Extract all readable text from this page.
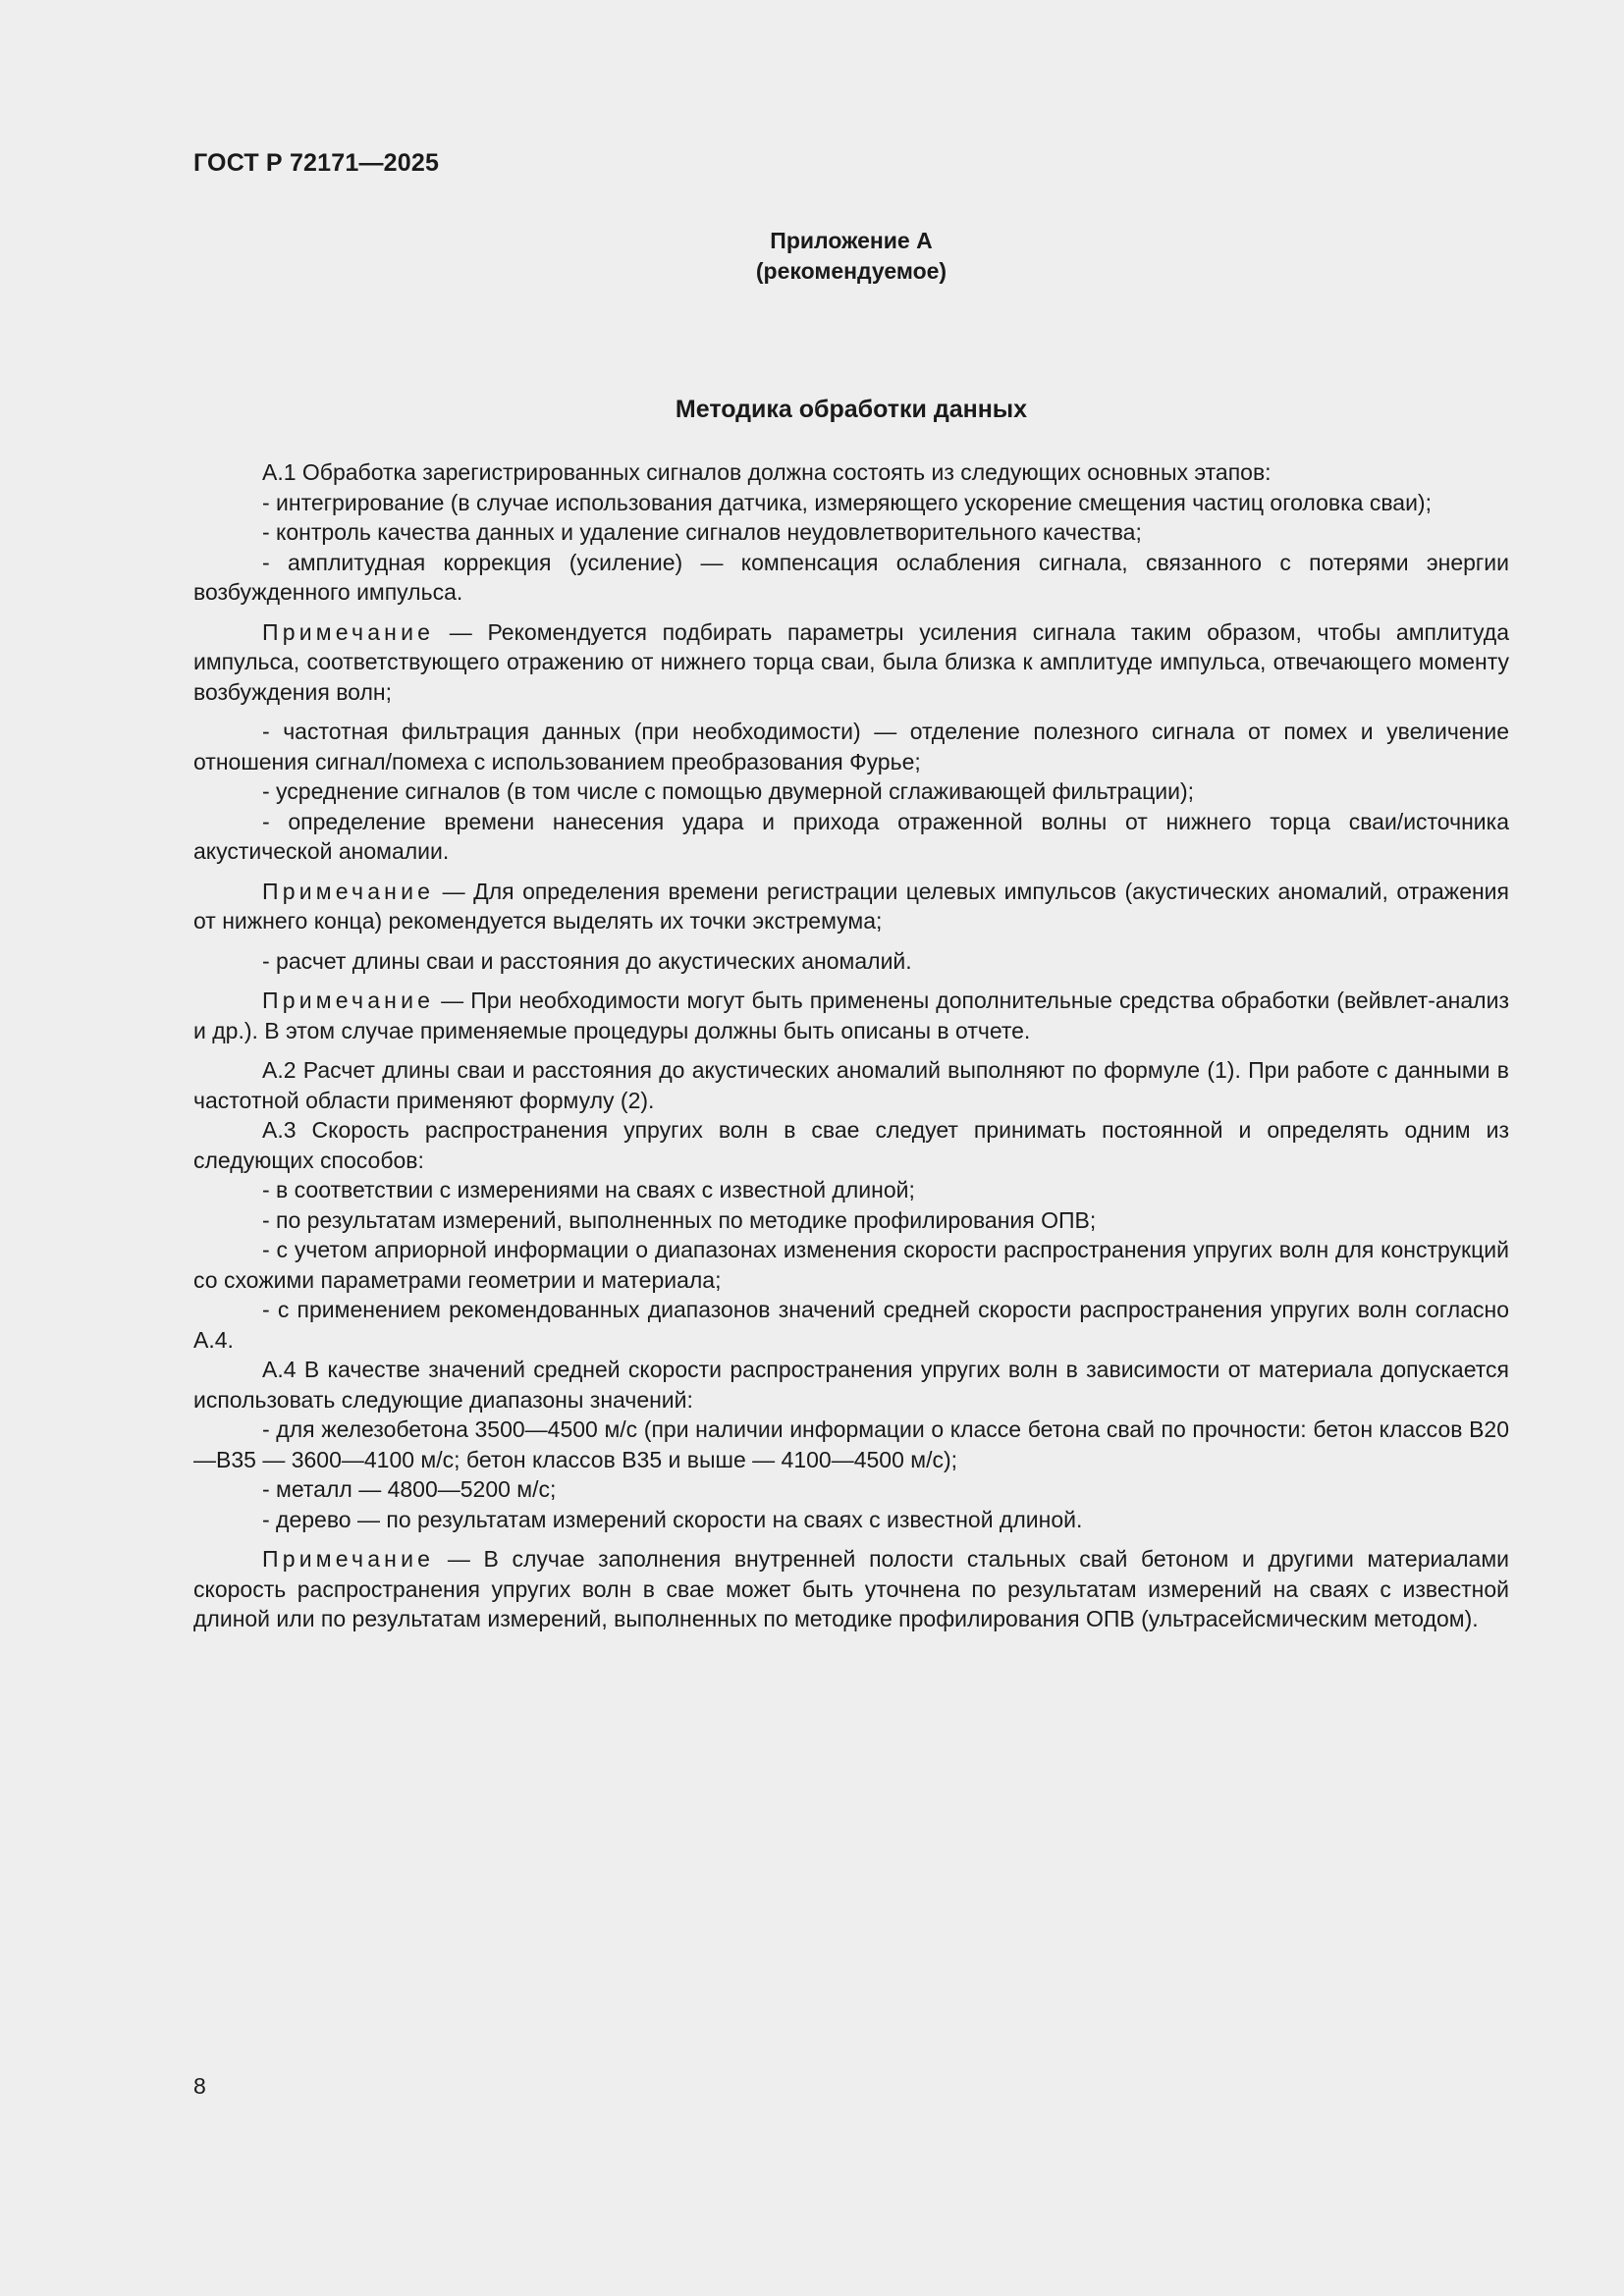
ГОСТ Р 72171—2025
Приложение А
(рекомендуемое)
Методика обработки данных

А.1 Обработка зарегистрированных сигналов должна состоять из следующих основных этапов:

- интегрирование (в случае использования датчика, измеряющего ускорение смещения частиц оголовка сваи);

- контроль качества данных и удаление сигналов неудовлетворительного качества;

- амплитудная коррекция (усиление) — компенсация ослабления сигнала, связанного с потерями энергии возбужденного импульса.

Примечание — Рекомендуется подбирать параметры усиления сигнала таким образом, чтобы амплитуда импульса, соответствующего отражению от нижнего торца сваи, была близка к амплитуде импульса, отвечающего моменту возбуждения волн;

- частотная фильтрация данных (при необходимости) — отделение полезного сигнала от помех и увеличение отношения сигнал/помеха с использованием преобразования Фурье;

- усреднение сигналов (в том числе с помощью двумерной сглаживающей фильтрации);

- определение времени нанесения удара и прихода отраженной волны от нижнего торца сваи/источника акустической аномалии.

Примечание — Для определения времени регистрации целевых импульсов (акустических аномалий, отражения от нижнего конца) рекомендуется выделять их точки экстремума;

- расчет длины сваи и расстояния до акустических аномалий.

Примечание — При необходимости могут быть применены дополнительные средства обработки (вейвлет-анализ и др.). В этом случае применяемые процедуры должны быть описаны в отчете.

А.2 Расчет длины сваи и расстояния до акустических аномалий выполняют по формуле (1). При работе с данными в частотной области применяют формулу (2).

А.3 Скорость распространения упругих волн в свае следует принимать постоянной и определять одним из следующих способов:

- в соответствии с измерениями на сваях с известной длиной;

- по результатам измерений, выполненных по методике профилирования ОПВ;

- с учетом априорной информации о диапазонах изменения скорости распространения упругих волн для конструкций со схожими параметрами геометрии и материала;

- с применением рекомендованных диапазонов значений средней скорости распространения упругих волн согласно А.4.

А.4 В качестве значений средней скорости распространения упругих волн в зависимости от материала допускается использовать следующие диапазоны значений:

- для железобетона 3500—4500 м/с (при наличии информации о классе бетона свай по прочности: бетон классов В20—В35 — 3600—4100 м/с; бетон классов В35 и выше — 4100—4500 м/с);

- металл — 4800—5200 м/с;

- дерево — по результатам измерений скорости на сваях с известной длиной.

Примечание — В случае заполнения внутренней полости стальных свай бетоном и другими материалами скорость распространения упругих волн в свае может быть уточнена по результатам измерений на сваях с известной длиной или по результатам измерений, выполненных по методике профилирования ОПВ (ультрасейсмическим методом).

8
